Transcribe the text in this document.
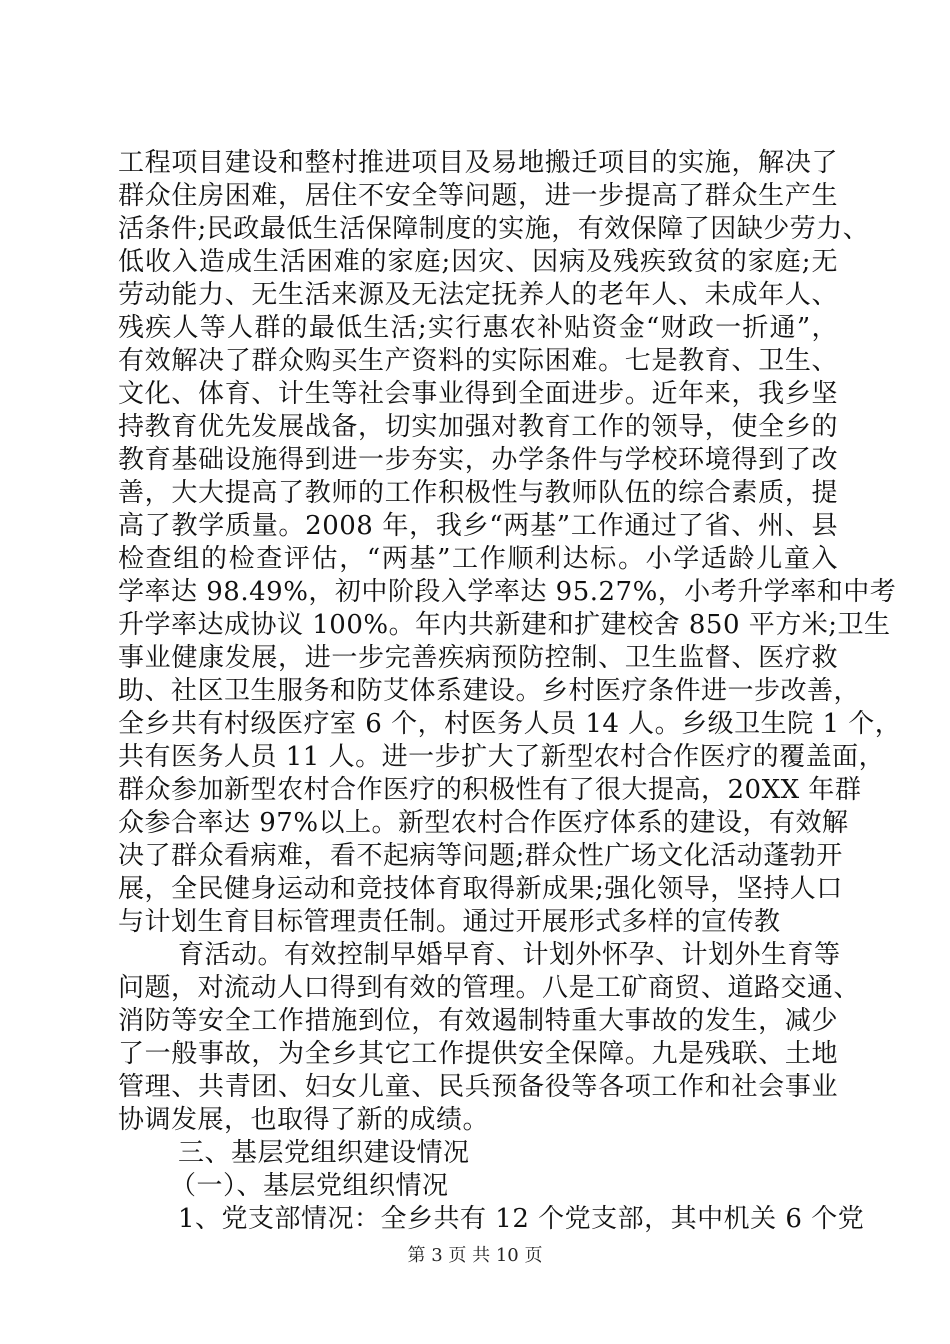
工程项目建设和整村推进项目及易地搬迁项目的实施，解决了
群众住房困难，居住不安全等问题，进一步提高了群众生产生
活条件;民政最低生活保障制度的实施，有效保障了因缺少劳力、
低收入造成生活困难的家庭;因灾、因病及残疾致贫的家庭;无
劳动能力、无生活来源及无法定抚养人的老年人、未成年人、
残疾人等人群的最低生活;实行惠农补贴资金“财政一折通”，
有效解决了群众购买生产资料的实际困难。七是教育、卫生、
文化、体育、计生等社会事业得到全面进步。近年来，我乡坚
持教育优先发展战备，切实加强对教育工作的领导，使全乡的
教育基础设施得到进一步夯实，办学条件与学校环境得到了改
善，大大提高了教师的工作积极性与教师队伍的综合素质，提
高了教学质量。2008 年，我乡“两基”工作通过了省、州、县
检查组的检查评估，“两基”工作顺利达标。小学适龄儿童入
学率达 98.49%，初中阶段入学率达 95.27%，小考升学率和中考
升学率达成协议 100%。年内共新建和扩建校舍 850 平方米;卫生
事业健康发展，进一步完善疾病预防控制、卫生监督、医疗救
助、社区卫生服务和防艾体系建设。乡村医疗条件进一步改善，
全乡共有村级医疗室 6 个，村医务人员 14 人。乡级卫生院 1 个，
共有医务人员 11 人。进一步扩大了新型农村合作医疗的覆盖面，
群众参加新型农村合作医疗的积极性有了很大提高，20XX 年群
众参合率达 97%以上。新型农村合作医疗体系的建设，有效解
决了群众看病难，看不起病等问题;群众性广场文化活动蓬勃开
展，全民健身运动和竞技体育取得新成果;强化领导，坚持人口
与计划生育目标管理责任制。通过开展形式多样的宣传教
育活动。有效控制早婚早育、计划外怀孕、计划外生育等
问题，对流动人口得到有效的管理。八是工矿商贸、道路交通、
消防等安全工作措施到位，有效遏制特重大事故的发生，减少
了一般事故，为全乡其它工作提供安全保障。九是残联、土地
管理、共青团、妇女儿童、民兵预备役等各项工作和社会事业
协调发展，也取得了新的成绩。
三、基层党组织建设情况
（一）、基层党组织情况
1、党支部情况：全乡共有 12 个党支部，其中机关 6 个党
第 3 页 共 10 页
